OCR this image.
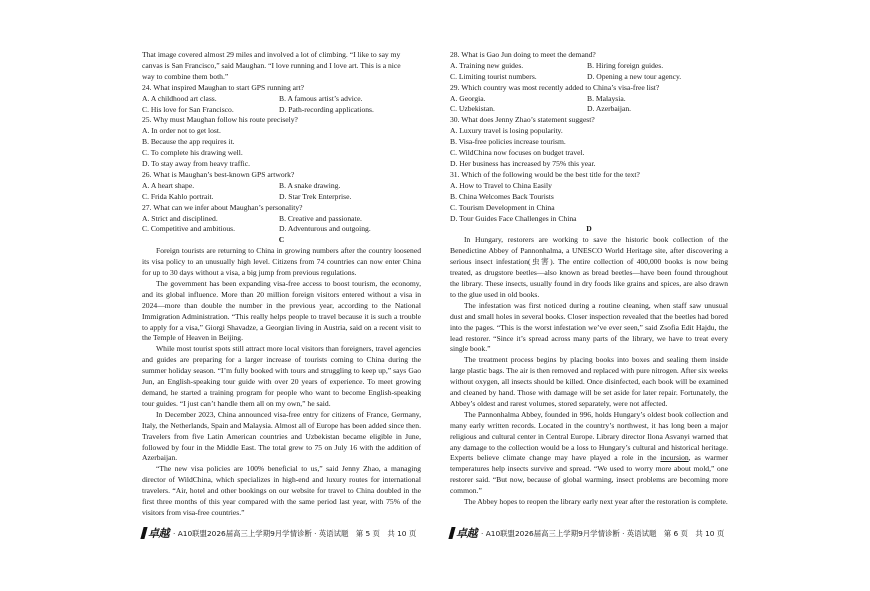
That image covered almost 29 miles and involved a lot of climbing. “I like to say my
canvas is San Francisco,” said Maughan. “I love running and I love art. This is a nice
way to combine them both.”
24. What inspired Maughan to start GPS running art?
A. A childhood art class.	B. A famous artist’s advice.
C. His love for San Francisco.	D. Path-recording applications.
25. Why must Maughan follow his route precisely?
A. In order not to get lost.
B. Because the app requires it.
C. To complete his drawing well.
D. To stay away from heavy traffic.
26. What is Maughan’s best-known GPS artwork?
A. A heart shape.	B. A snake drawing.
C. Frida Kahlo portrait.	D. Star Trek Enterprise.
27. What can we infer about Maughan’s personality?
A. Strict and disciplined.	B. Creative and passionate.
C. Competitive and ambitious.	D. Adventurous and outgoing.
C
Foreign tourists are returning to China in growing numbers after the country loosened its visa policy to an unusually high level. Citizens from 74 countries can now enter China for up to 30 days without a visa, a big jump from previous regulations.
The government has been expanding visa-free access to boost tourism, the economy, and its global influence. More than 20 million foreign visitors entered without a visa in 2024—more than double the number in the previous year, according to the National Immigration Administration. “This really helps people to travel because it is such a trouble to apply for a visa,” Giorgi Shavadze, a Georgian living in Austria, said on a recent visit to the Temple of Heaven in Beijing.
While most tourist spots still attract more local visitors than foreigners, travel agencies and guides are preparing for a larger increase of tourists coming to China during the summer holiday season. “I’m fully booked with tours and struggling to keep up,” says Gao Jun, an English-speaking tour guide with over 20 years of experience. To meet growing demand, he started a training program for people who want to become English-speaking tour guides. “I just can’t handle them all on my own,” he said.
In December 2023, China announced visa-free entry for citizens of France, Germany, Italy, the Netherlands, Spain and Malaysia. Almost all of Europe has been added since then. Travelers from five Latin American countries and Uzbekistan became eligible in June, followed by four in the Middle East. The total grew to 75 on July 16 with the addition of Azerbaijan.
“The new visa policies are 100% beneficial to us,” said Jenny Zhao, a managing director of WildChina, which specializes in high-end and luxury routes for international travelers. “Air, hotel and other bookings on our website for travel to China doubled in the first three months of this year compared with the same period last year, with 75% of the visitors from visa-free countries.”
卓越 · A10联盟2026届高三上学期9月学情诊断 · 英语试题　第 5 页　共 10 页
28. What is Gao Jun doing to meet the demand?
A. Training new guides.	B. Hiring foreign guides.
C. Limiting tourist numbers.	D. Opening a new tour agency.
29. Which country was most recently added to China’s visa-free list?
A. Georgia.	B. Malaysia.
C. Uzbekistan.	D. Azerbaijan.
30. What does Jenny Zhao’s statement suggest?
A. Luxury travel is losing popularity.
B. Visa-free policies increase tourism.
C. WildChina now focuses on budget travel.
D. Her business has increased by 75% this year.
31. Which of the following would be the best title for the text?
A. How to Travel to China Easily
B. China Welcomes Back Tourists
C. Tourism Development in China
D. Tour Guides Face Challenges in China
D
In Hungary, restorers are working to save the historic book collection of the Benedictine Abbey of Pannonhalma, a UNESCO World Heritage site, after discovering a serious insect infestation(虫害). The entire collection of 400,000 books is now being treated, as drugstore beetles—also known as bread beetles—have been found throughout the library. These insects, usually found in dry foods like grains and spices, are also drawn to the glue used in old books.
The infestation was first noticed during a routine cleaning, when staff saw unusual dust and small holes in several books. Closer inspection revealed that the beetles had bored into the pages. “This is the worst infestation we’ve ever seen,” said Zsofia Edit Hajdu, the lead restorer. “Since it’s spread across many parts of the library, we have to treat every single book.”
The treatment process begins by placing books into boxes and sealing them inside large plastic bags. The air is then removed and replaced with pure nitrogen. After six weeks without oxygen, all insects should be killed. Once disinfected, each book will be examined and cleaned by hand. Those with damage will be set aside for later repair. Fortunately, the Abbey’s oldest and rarest volumes, stored separately, were not affected.
The Pannonhalma Abbey, founded in 996, holds Hungary’s oldest book collection and many early written records. Located in the country’s northwest, it has long been a major religious and cultural center in Central Europe. Library director Ilona Asvanyi warned that any damage to the collection would be a loss to Hungary’s cultural and historical heritage. Experts believe climate change may have played a role in the incursion, as warmer temperatures help insects survive and spread. “We used to worry more about mold,” one restorer said. “But now, because of global warming, insect problems are becoming more common.”
The Abbey hopes to reopen the library early next year after the restoration is complete.
卓越 · A10联盟2026届高三上学期9月学情诊断 · 英语试题　第 6 页　共 10 页
